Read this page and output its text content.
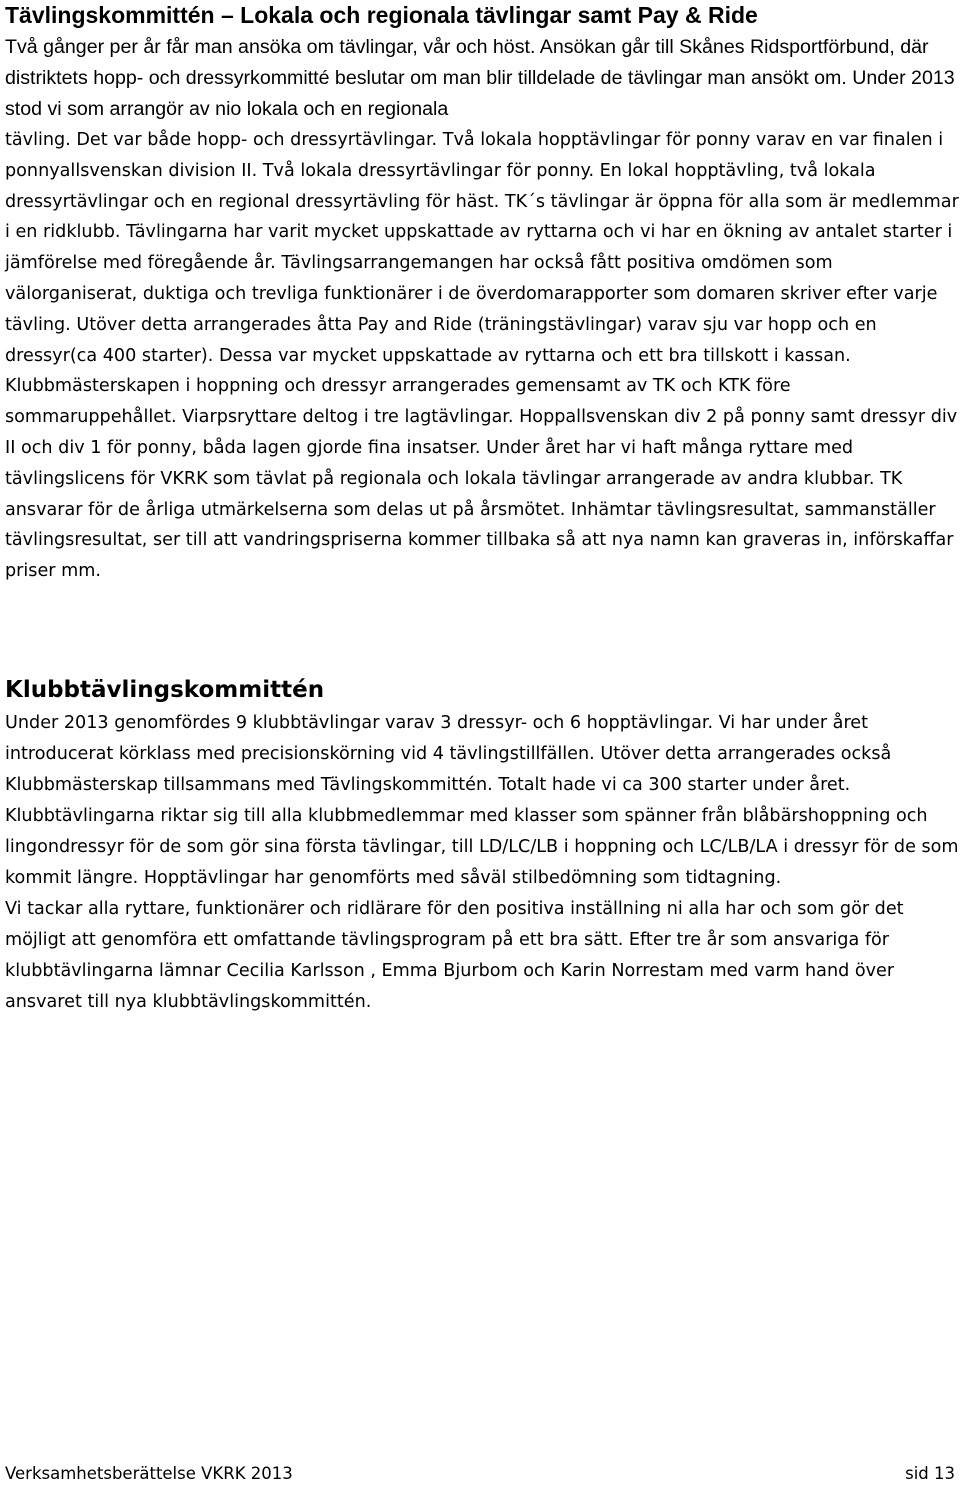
Tävlingskommittén – Lokala och regionala tävlingar samt Pay & Ride

Två gånger per år får man ansöka om tävlingar, vår och höst. Ansökan går till Skånes Ridsportförbund, där distriktets hopp- och dressyrkommitté beslutar om man blir tilldelade de tävlingar man ansökt om. Under 2013 stod vi som arrangör av nio lokala och en regionala

tävling. Det var både hopp- och dressyrtävlingar. Två lokala hopptävlingar för ponny varav en var finalen i ponnyallsvenskan division II. Två lokala dressyrtävlingar för ponny. En lokal hopptävling, två lokala dressyrtävlingar och en regional dressyrtävling för häst. TK´s tävlingar är öppna för alla som är medlemmar i en ridklubb. Tävlingarna har varit mycket uppskattade av ryttarna och vi har en ökning av antalet starter i jämförelse med föregående år. Tävlingsarrangemangen har också fått positiva omdömen som välorganiserat, duktiga och trevliga funktionärer i de överdomarapporter som domaren skriver efter varje tävling. Utöver detta arrangerades åtta Pay and Ride (träningstävlingar) varav sju var hopp och en dressyr(ca 400 starter). Dessa var mycket uppskattade av ryttarna och ett bra tillskott i kassan. Klubbmästerskapen i hoppning och dressyr arrangerades gemensamt av TK och KTK före sommaruppehållet. Viarpsryttare deltog i tre lagtävlingar. Hoppallsvenskan div 2 på ponny samt dressyr div II och div 1 för ponny, båda lagen gjorde fina insatser. Under året har vi haft många ryttare med tävlingslicens för VKRK som tävlat på regionala och lokala tävlingar arrangerade av andra klubbar. TK ansvarar för de årliga utmärkelserna som delas ut på årsmötet. Inhämtar tävlingsresultat, sammanställer tävlingsresultat, ser till att vandringspriserna kommer tillbaka så att nya namn kan graveras in, införskaffar priser mm.

Klubbtävlingskommittén
Under 2013 genomfördes 9 klubbtävlingar varav 3 dressyr- och 6 hopptävlingar. Vi har under året introducerat körklass med precisionskörning vid 4 tävlingstillfällen. Utöver detta arrangerades också Klubbmästerskap tillsammans med Tävlingskommittén. Totalt hade vi ca 300 starter under året. Klubbtävlingarna riktar sig till alla klubbmedlemmar med klasser som spänner från blåbärshoppning och lingondressyr för de som gör sina första tävlingar, till LD/LC/LB i hoppning och LC/LB/LA i dressyr för de som kommit längre. Hopptävlingar har genomförts med såväl stilbedömning som tidtagning.
Vi tackar alla ryttare, funktionärer och ridlärare för den positiva inställning ni alla har och som gör det möjligt att genomföra ett omfattande tävlingsprogram på ett bra sätt. Efter tre år som ansvariga för klubbtävlingarna lämnar Cecilia Karlsson , Emma Bjurbom och Karin Norrestam med varm hand över ansvaret till nya klubbtävlingskommittén.
Verksamhetsberättelse VKRK 2013	sid 13
